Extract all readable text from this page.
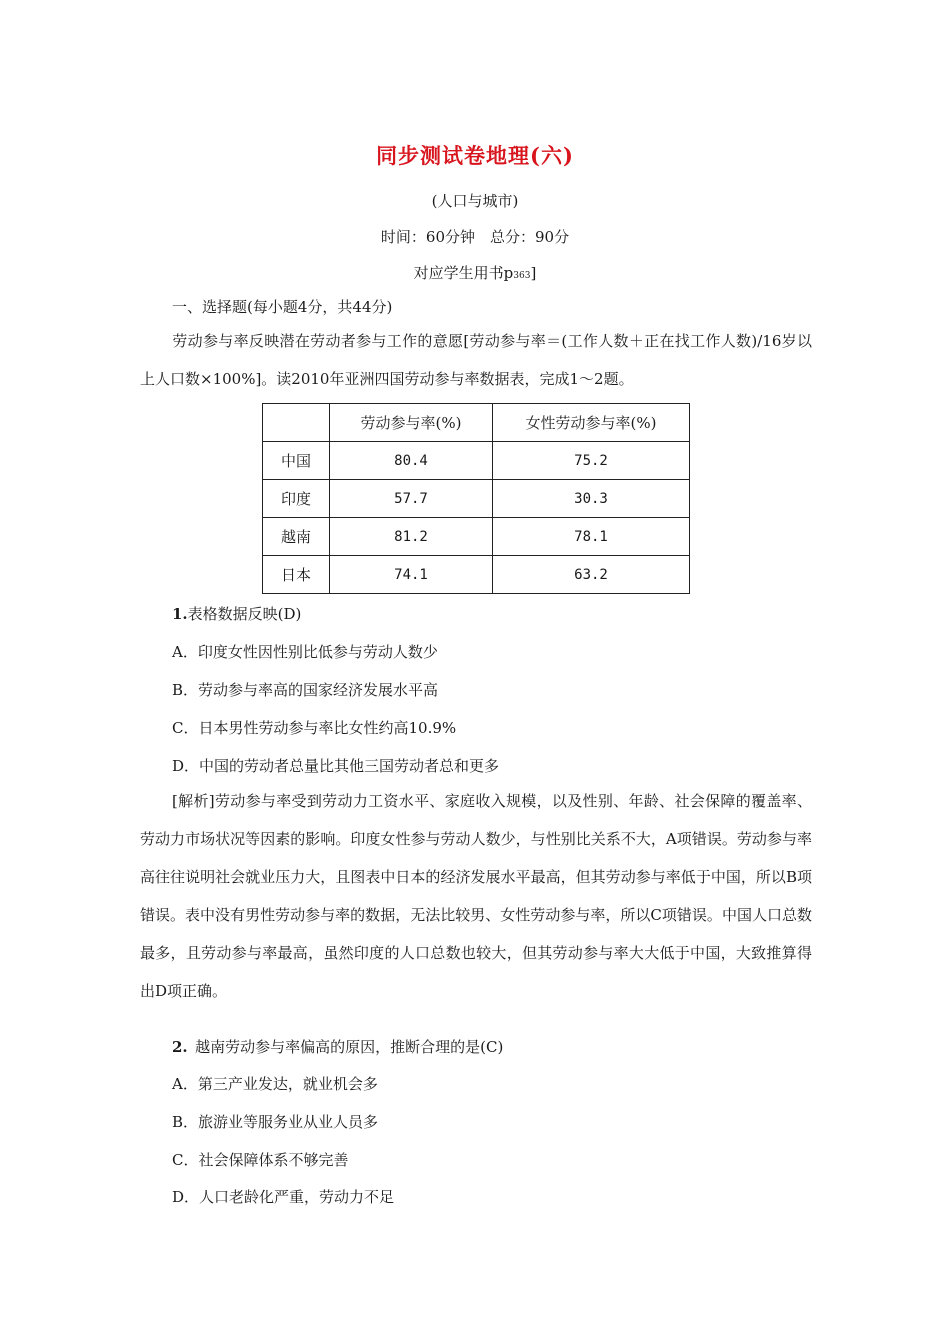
同步测试卷地理(六)
(人口与城市)
时间：60分钟　总分：90分
对应学生用书p363]
一、选择题(每小题4分，共44分)
劳动参与率反映潜在劳动者参与工作的意愿[劳动参与率＝(工作人数＋正在找工作人数)/16岁以上人口数×100%]。读2010年亚洲四国劳动参与率数据表，完成1～2题。
	劳动参与率(%)	女性劳动参与率(%)
中国	80.4	75.2
印度	57.7	30.3
越南	81.2	78.1
日本	74.1	63.2
1.表格数据反映(D)
A．印度女性因性别比低参与劳动人数少
B．劳动参与率高的国家经济发展水平高
C．日本男性劳动参与率比女性约高10.9%
D．中国的劳动者总量比其他三国劳动者总和更多
[解析]劳动参与率受到劳动力工资水平、家庭收入规模，以及性别、年龄、社会保障的覆盖率、劳动力市场状况等因素的影响。印度女性参与劳动人数少，与性别比关系不大，A项错误。劳动参与率高往往说明社会就业压力大，且图表中日本的经济发展水平最高，但其劳动参与率低于中国，所以B项错误。表中没有男性劳动参与率的数据，无法比较男、女性劳动参与率，所以C项错误。中国人口总数最多，且劳动参与率最高，虽然印度的人口总数也较大，但其劳动参与率大大低于中国，大致推算得出D项正确。
2.  越南劳动参与率偏高的原因，推断合理的是(C)
A．第三产业发达，就业机会多
B．旅游业等服务业从业人员多
C．社会保障体系不够完善
D．人口老龄化严重，劳动力不足
